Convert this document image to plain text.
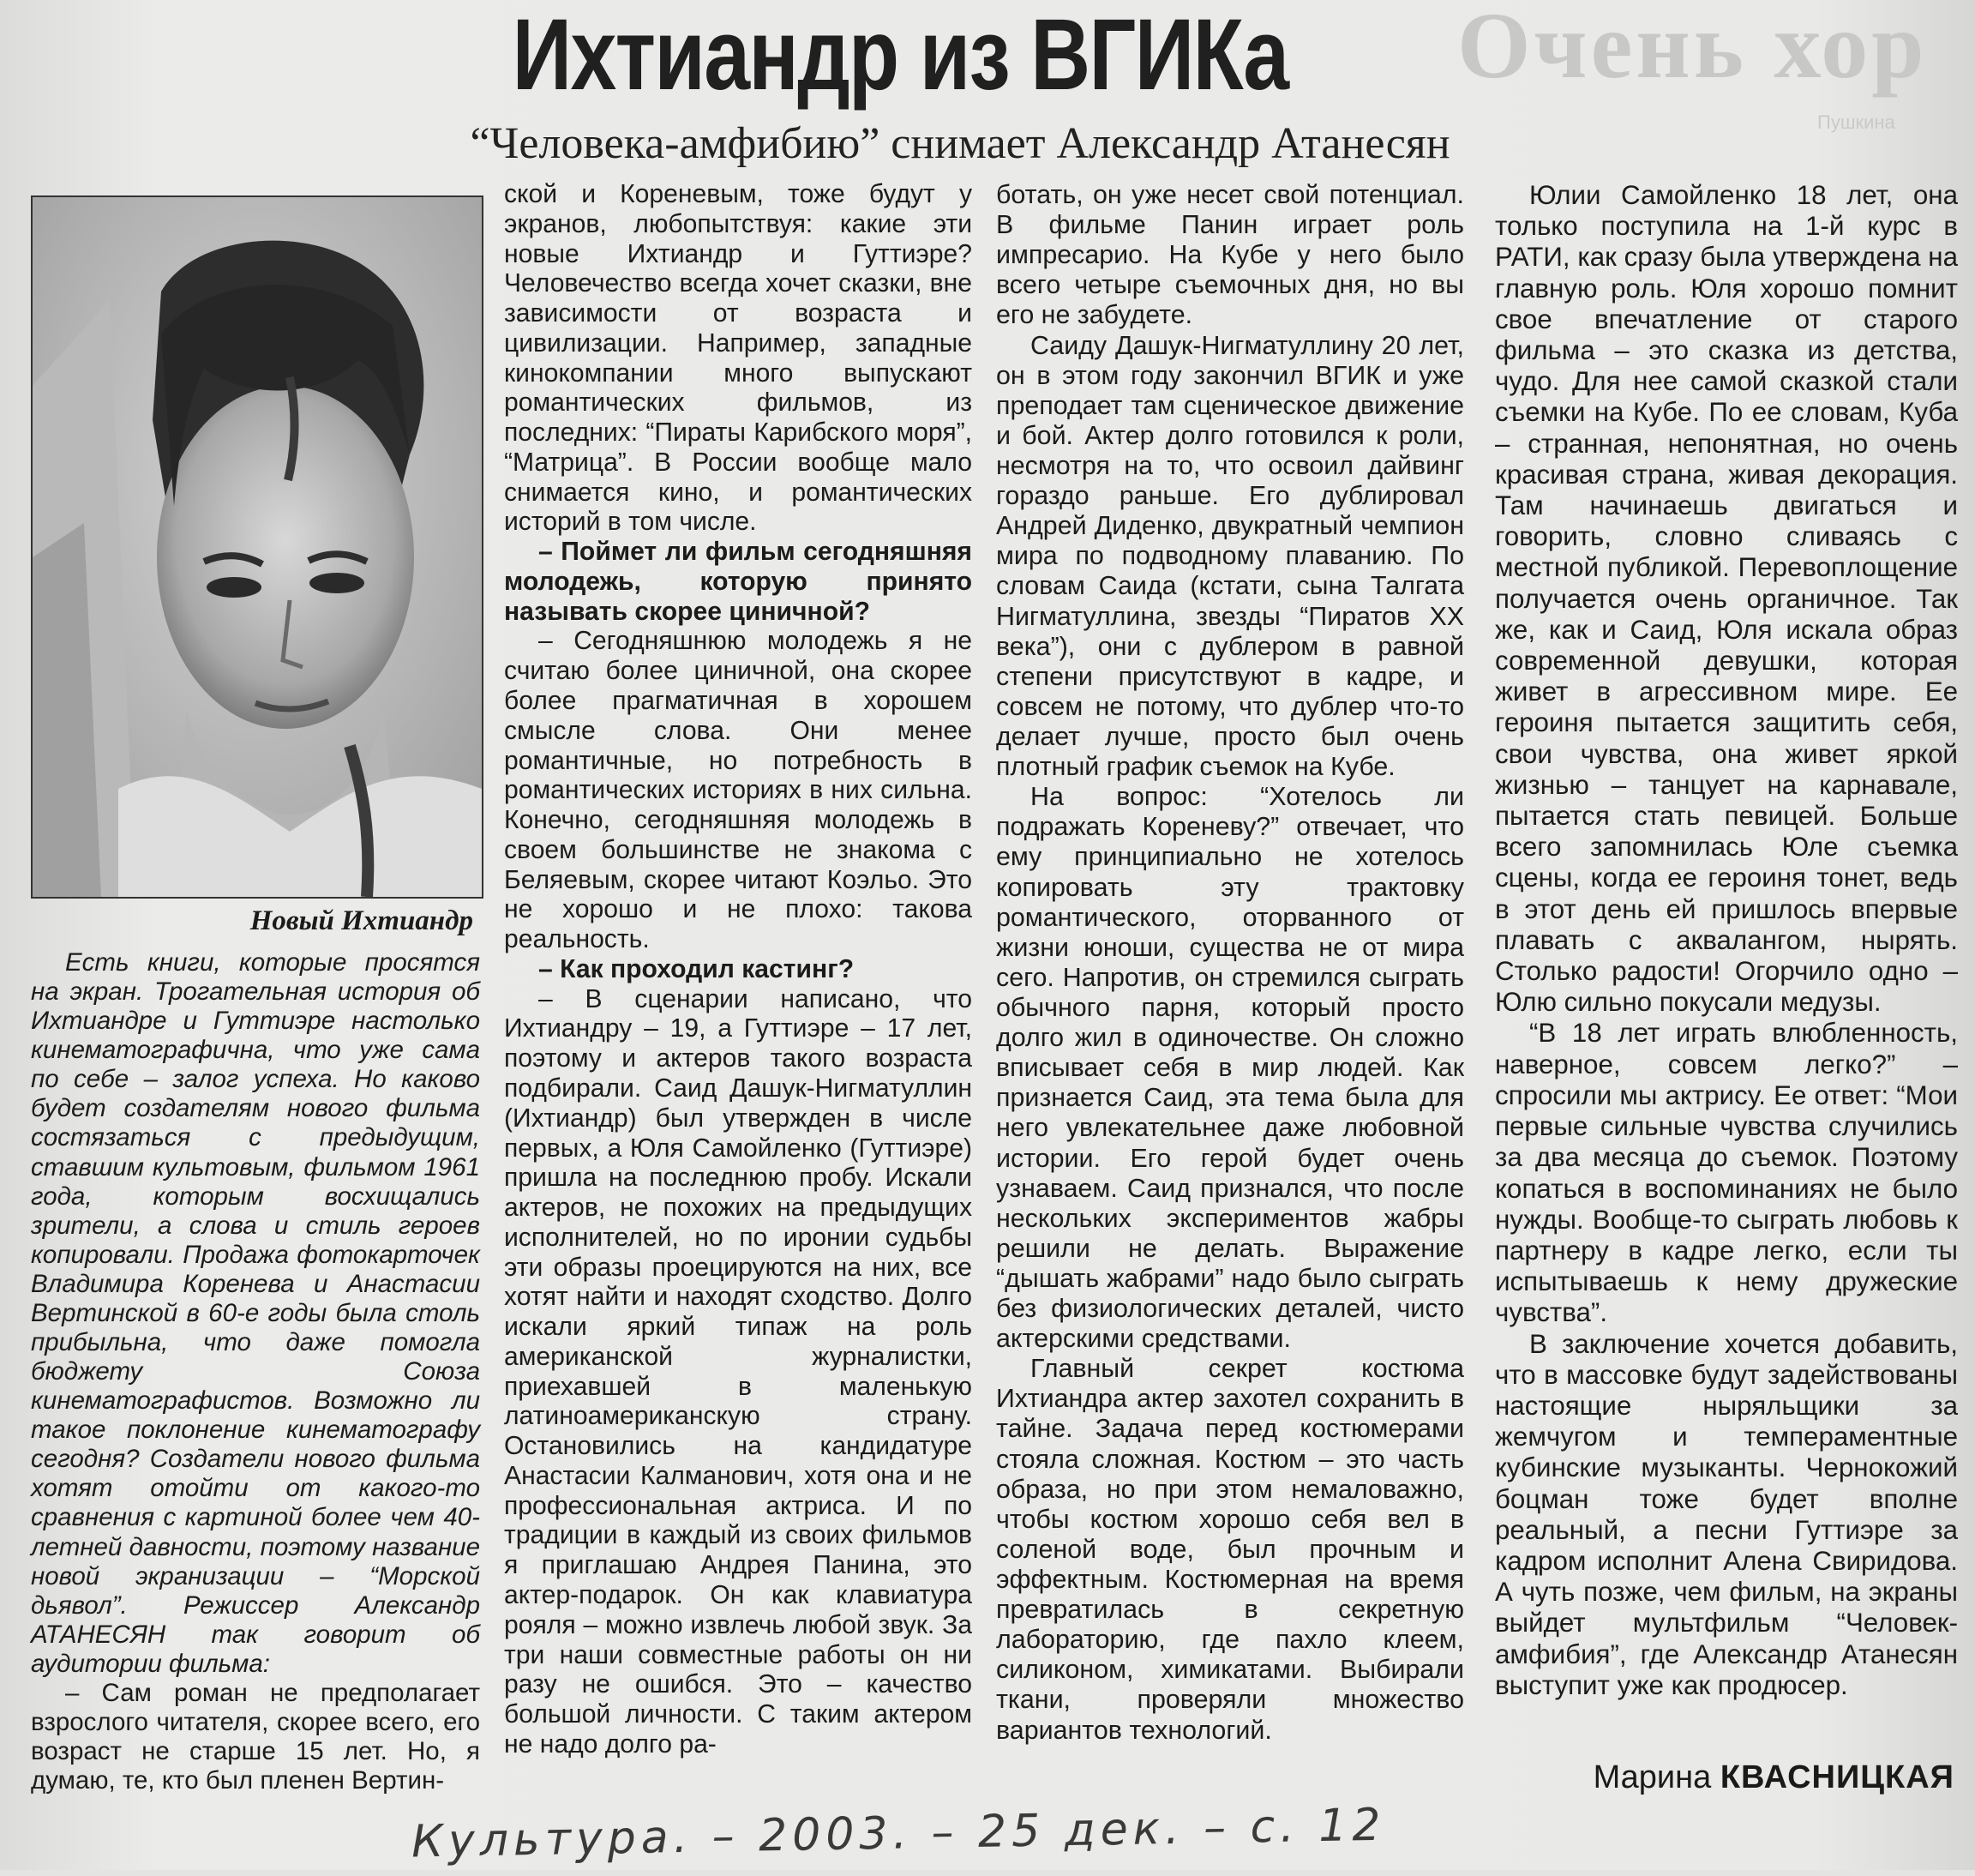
Очень хор
Пушкина
Ихтиандр из ВГИКа
“Человека-амфибию” снимает Александр Атанесян
Новый Ихтиандр

Есть книги, которые просятся на экран. Трогательная история об Ихтиандре и Гуттиэре настолько кинематографична, что уже сама по себе – залог успеха. Но каково будет создателям нового фильма состязаться с предыдущим, ставшим культовым, фильмом 1961 года, которым восхищались зрители, а слова и стиль героев копировали. Продажа фотокарточек Владимира Коренева и Анастасии Вертинской в 60-е годы была столь прибыльна, что даже помогла бюджету Союза кинематографистов. Возможно ли такое поклонение кинематографу сегодня? Создатели нового фильма хотят отойти от какого-то сравнения с картиной более чем 40-летней давности, поэтому название новой экранизации – “Морской дьявол”. Режиссер Александр АТАНЕСЯН так говорит об аудитории фильма:

– Сам роман не предполагает взрослого читателя, скорее всего, его возраст не старше 15 лет. Но, я думаю, те, кто был пленен Вертин-

ской и Кореневым, тоже будут у экранов, любопытствуя: какие эти новые Ихтиандр и Гуттиэре? Человечество всегда хочет сказки, вне зависимости от возраста и цивилизации. Например, западные кинокомпании много выпускают романтических фильмов, из последних: “Пираты Карибского моря”, “Матрица”. В России вообще мало снимается кино, и романтических историй в том числе.

– Поймет ли фильм сегодняшняя молодежь, которую принято называть скорее циничной?

– Сегодняшнюю молодежь я не считаю более циничной, она скорее более прагматичная в хорошем смысле слова. Они менее романтичные, но потребность в романтических историях в них сильна. Конечно, сегодняшняя молодежь в своем большинстве не знакома с Беляевым, скорее читают Коэльо. Это не хорошо и не плохо: такова реальность.

– Как проходил кастинг?

– В сценарии написано, что Ихтиандру – 19, а Гуттиэре – 17 лет, поэтому и актеров такого возраста подбирали. Саид Дашук-Нигматуллин (Ихтиандр) был утвержден в числе первых, а Юля Самойленко (Гуттиэре) пришла на последнюю пробу. Искали актеров, не похожих на предыдущих исполнителей, но по иронии судьбы эти образы проецируются на них, все хотят найти и находят сходство. Долго искали яркий типаж на роль американской журналистки, приехавшей в маленькую латиноамериканскую страну. Остановились на кандидатуре Анастасии Калманович, хотя она и не профессиональная актриса. И по традиции в каждый из своих фильмов я приглашаю Андрея Панина, это актер-подарок. Он как клавиатура рояля – можно извлечь любой звук. За три наши совместные работы он ни разу не ошибся. Это – качество большой личности. С таким актером не надо долго ра-

ботать, он уже несет свой потенциал. В фильме Панин играет роль импресарио. На Кубе у него было всего четыре съемочных дня, но вы его не забудете.

Саиду Дашук-Нигматуллину 20 лет, он в этом году закончил ВГИК и уже преподает там сценическое движение и бой. Актер долго готовился к роли, несмотря на то, что освоил дайвинг гораздо раньше. Его дублировал Андрей Диденко, двукратный чемпион мира по подводному плаванию. По словам Саида (кстати, сына Талгата Нигматуллина, звезды “Пиратов ХХ века”), они с дублером в равной степени присутствуют в кадре, и совсем не потому, что дублер что-то делает лучше, просто был очень плотный график съемок на Кубе.

На вопрос: “Хотелось ли подражать Кореневу?” отвечает, что ему принципиально не хотелось копировать эту трактовку романтического, оторванного от жизни юноши, существа не от мира сего. Напротив, он стремился сыграть обычного парня, который просто долго жил в одиночестве. Он сложно вписывает себя в мир людей. Как признается Саид, эта тема была для него увлекательнее даже любовной истории. Его герой будет очень узнаваем. Саид признался, что после нескольких экспериментов жабры решили не делать. Выражение “дышать жабрами” надо было сыграть без физиологических деталей, чисто актерскими средствами.

Главный секрет костюма Ихтиандра актер захотел сохранить в тайне. Задача перед костюмерами стояла сложная. Костюм – это часть образа, но при этом немаловажно, чтобы костюм хорошо себя вел в соленой воде, был прочным и эффектным. Костюмерная на время превратилась в секретную лабораторию, где пахло клеем, силиконом, химикатами. Выбирали ткани, проверяли множество вариантов технологий.

Юлии Самойленко 18 лет, она только поступила на 1-й курс в РАТИ, как сразу была утверждена на главную роль. Юля хорошо помнит свое впечатление от старого фильма – это сказка из детства, чудо. Для нее самой сказкой стали съемки на Кубе. По ее словам, Куба – странная, непонятная, но очень красивая страна, живая декорация. Там начинаешь двигаться и говорить, словно сливаясь с местной публикой. Перевоплощение получается очень органичное. Так же, как и Саид, Юля искала образ современной девушки, которая живет в агрессивном мире. Ее героиня пытается защитить себя, свои чувства, она живет яркой жизнью – танцует на карнавале, пытается стать певицей. Больше всего запомнилась Юле съемка сцены, когда ее героиня тонет, ведь в этот день ей пришлось впервые плавать с аквалангом, нырять. Столько радости! Огорчило одно – Юлю сильно покусали медузы.

“В 18 лет играть влюбленность, наверное, совсем легко?” – спросили мы актрису. Ее ответ: “Мои первые сильные чувства случились за два месяца до съемок. Поэтому копаться в воспоминаниях не было нужды. Вообще-то сыграть любовь к партнеру в кадре легко, если ты испытываешь к нему дружеские чувства”.

В заключение хочется добавить, что в массовке будут задействованы настоящие ныряльщики за жемчугом и темпераментные кубинские музыканты. Чернокожий боцман тоже будет вполне реальный, а песни Гуттиэре за кадром исполнит Алена Свиридова. А чуть позже, чем фильм, на экраны выйдет мультфильм “Человек-амфибия”, где Александр Атанесян выступит уже как продюсер.

Марина КВАСНИЦКАЯ
Культура. – 2003. – 25 дек. – с. 12
